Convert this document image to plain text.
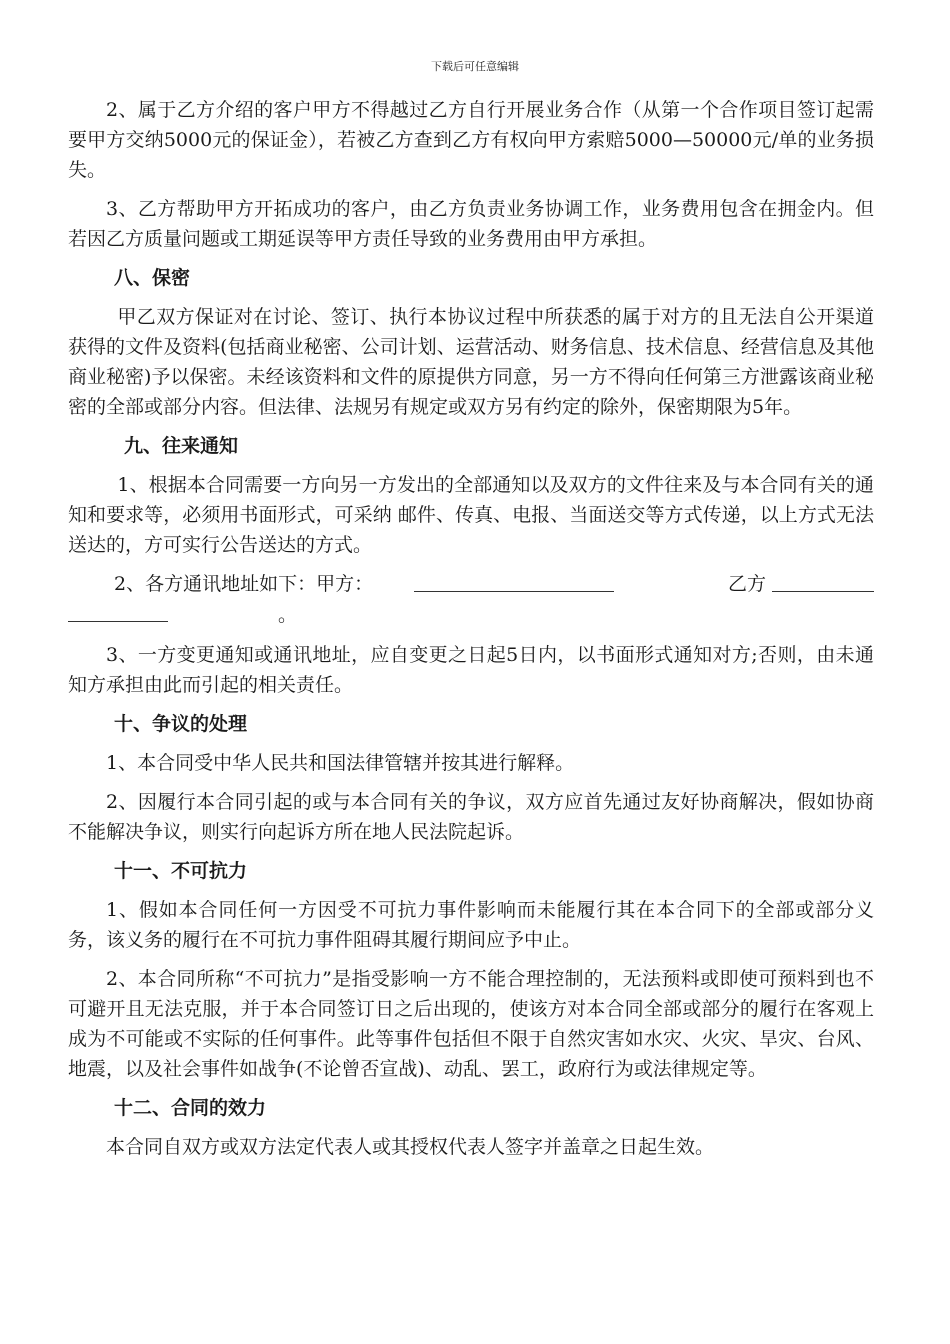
下载后可任意编辑

2、属于乙方介绍的客户甲方不得越过乙方自行开展业务合作（从第一个合作项目签订起需要甲方交纳5000元的保证金），若被乙方查到乙方有权向甲方索赔5000—50000元/单的业务损失。

3、乙方帮助甲方开拓成功的客户，由乙方负责业务协调工作，业务费用包含在拥金内。但若因乙方质量问题或工期延误等甲方责任导致的业务费用由甲方承担。

八、保密

甲乙双方保证对在讨论、签订、执行本协议过程中所获悉的属于对方的且无法自公开渠道获得的文件及资料(包括商业秘密、公司计划、运营活动、财务信息、技术信息、经营信息及其他商业秘密)予以保密。未经该资料和文件的原提供方同意，另一方不得向任何第三方泄露该商业秘密的全部或部分内容。但法律、法规另有规定或双方另有约定的除外，保密期限为5年。

九、往来通知

1、根据本合同需要一方向另一方发出的全部通知以及双方的文件往来及与本合同有关的通知和要求等，必须用书面形式，可采纳 邮件、传真、电报、当面送交等方式传递，以上方式无法送达的，方可实行公告送达的方式。

2、各方通讯地址如下：甲方：	乙方
。

3、一方变更通知或通讯地址，应自变更之日起5日内，以书面形式通知对方;否则，由未通知方承担由此而引起的相关责任。

十、争议的处理

1、本合同受中华人民共和国法律管辖并按其进行解释。

2、因履行本合同引起的或与本合同有关的争议，双方应首先通过友好协商解决，假如协商不能解决争议，则实行向起诉方所在地人民法院起诉。

十一、不可抗力

1、假如本合同任何一方因受不可抗力事件影响而未能履行其在本合同下的全部或部分义务，该义务的履行在不可抗力事件阻碍其履行期间应予中止。

2、本合同所称“不可抗力”是指受影响一方不能合理控制的，无法预料或即使可预料到也不可避开且无法克服，并于本合同签订日之后出现的，使该方对本合同全部或部分的履行在客观上成为不可能或不实际的任何事件。此等事件包括但不限于自然灾害如水灾、火灾、旱灾、台风、地震，以及社会事件如战争(不论曾否宣战)、动乱、罢工，政府行为或法律规定等。

十二、合同的效力

本合同自双方或双方法定代表人或其授权代表人签字并盖章之日起生效。
